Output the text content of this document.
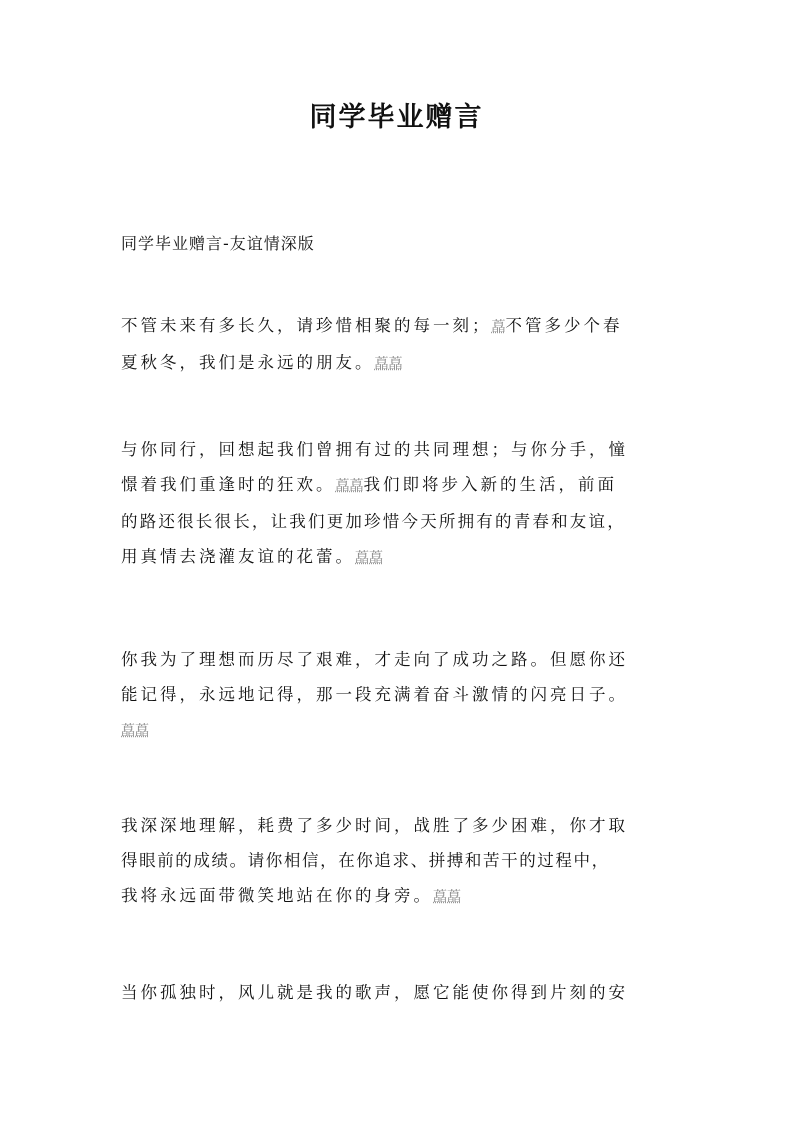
同学毕业赠言

同学毕业赠言-友谊情深版

不管未来有多长久，请珍惜相聚的每一刻；藠不管多少个春
夏秋冬，我们是永远的朋友。藠藠
与你同行，回想起我们曾拥有过的共同理想；与你分手，憧
憬着我们重逢时的狂欢。藠藠我们即将步入新的生活，前面
的路还很长很长，让我们更加珍惜今天所拥有的青春和友谊，
用真情去浇灌友谊的花蕾。藠藠
你我为了理想而历尽了艰难，才走向了成功之路。但愿你还
能记得，永远地记得，那一段充满着奋斗激情的闪亮日子。
藠藠
我深深地理解，耗费了多少时间，战胜了多少困难，你才取
得眼前的成绩。请你相信，在你追求、拼搏和苦干的过程中，
我将永远面带微笑地站在你的身旁。藠藠
当你孤独时，风儿就是我的歌声，愿它能使你得到片刻的安
